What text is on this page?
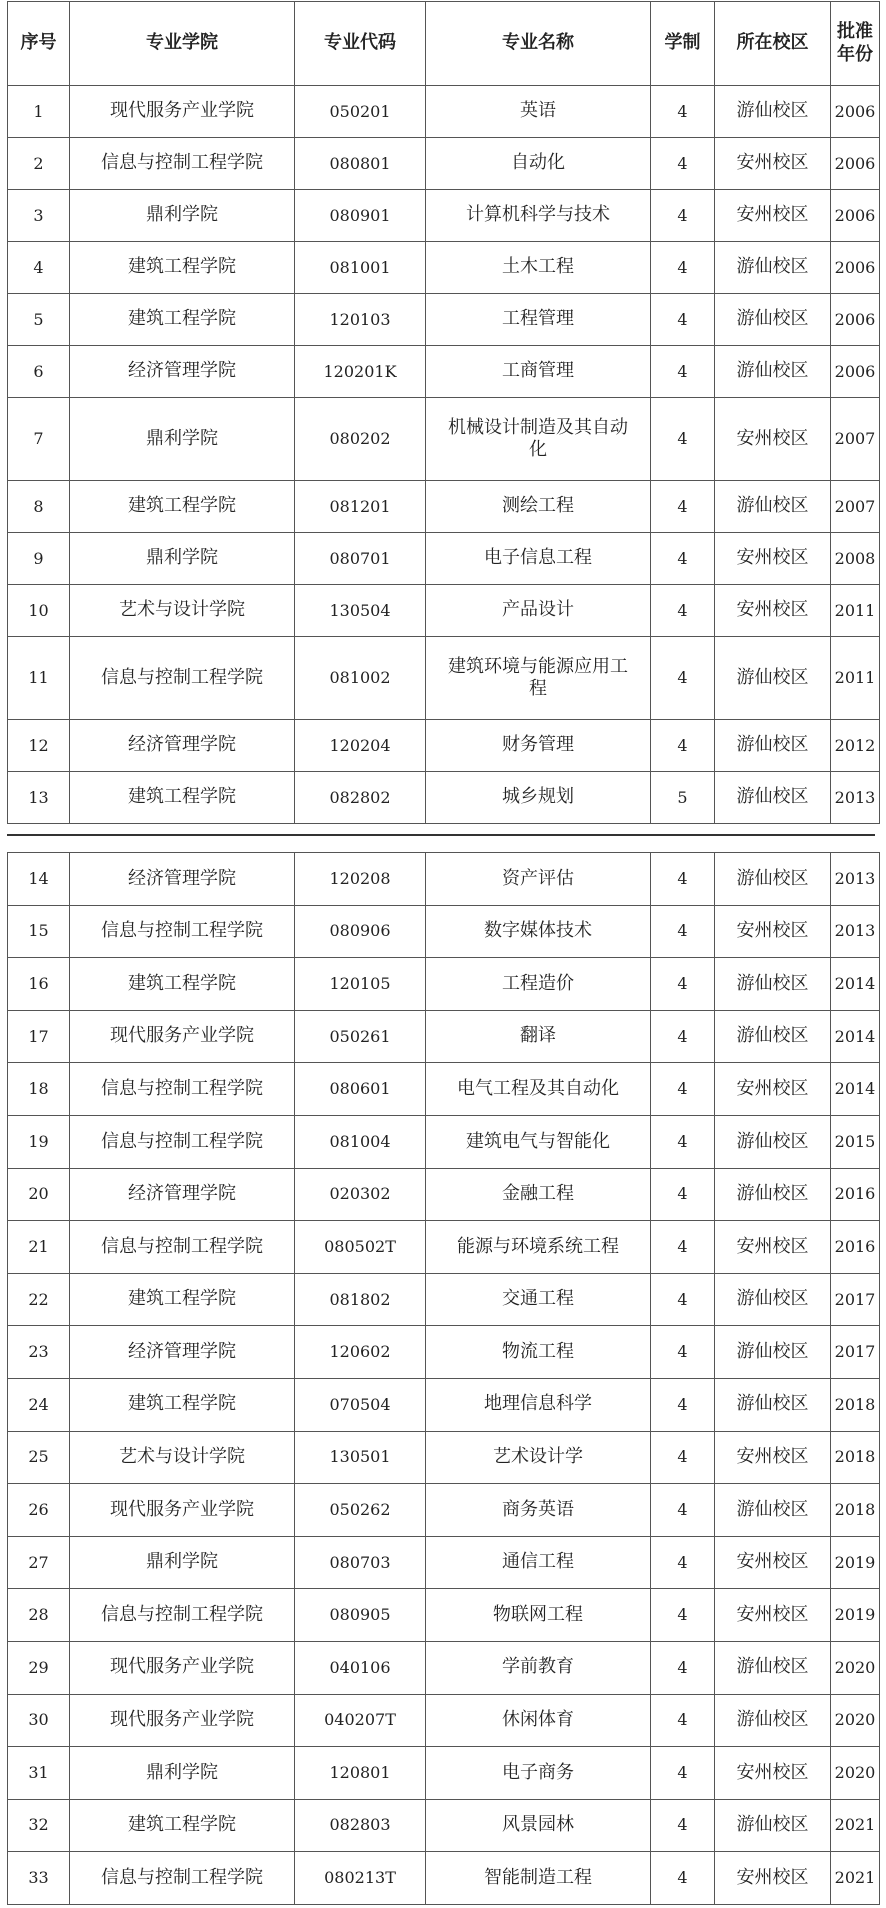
序号	专业学院	专业代码	专业名称	学制	所在校区	批准年份
1	现代服务产业学院	050201	英语	4	游仙校区	2006
2	信息与控制工程学院	080801	自动化	4	安州校区	2006
3	鼎利学院	080901	计算机科学与技术	4	安州校区	2006
4	建筑工程学院	081001	土木工程	4	游仙校区	2006
5	建筑工程学院	120103	工程管理	4	游仙校区	2006
6	经济管理学院	120201K	工商管理	4	游仙校区	2006
7	鼎利学院	080202	机械设计制造及其自动化	4	安州校区	2007
8	建筑工程学院	081201	测绘工程	4	游仙校区	2007
9	鼎利学院	080701	电子信息工程	4	安州校区	2008
10	艺术与设计学院	130504	产品设计	4	安州校区	2011
11	信息与控制工程学院	081002	建筑环境与能源应用工程	4	游仙校区	2011
12	经济管理学院	120204	财务管理	4	游仙校区	2012
13	建筑工程学院	082802	城乡规划	5	游仙校区	2013
14	经济管理学院	120208	资产评估	4	游仙校区	2013
15	信息与控制工程学院	080906	数字媒体技术	4	安州校区	2013
16	建筑工程学院	120105	工程造价	4	游仙校区	2014
17	现代服务产业学院	050261	翻译	4	游仙校区	2014
18	信息与控制工程学院	080601	电气工程及其自动化	4	安州校区	2014
19	信息与控制工程学院	081004	建筑电气与智能化	4	游仙校区	2015
20	经济管理学院	020302	金融工程	4	游仙校区	2016
21	信息与控制工程学院	080502T	能源与环境系统工程	4	安州校区	2016
22	建筑工程学院	081802	交通工程	4	游仙校区	2017
23	经济管理学院	120602	物流工程	4	游仙校区	2017
24	建筑工程学院	070504	地理信息科学	4	游仙校区	2018
25	艺术与设计学院	130501	艺术设计学	4	安州校区	2018
26	现代服务产业学院	050262	商务英语	4	游仙校区	2018
27	鼎利学院	080703	通信工程	4	安州校区	2019
28	信息与控制工程学院	080905	物联网工程	4	安州校区	2019
29	现代服务产业学院	040106	学前教育	4	游仙校区	2020
30	现代服务产业学院	040207T	休闲体育	4	游仙校区	2020
31	鼎利学院	120801	电子商务	4	安州校区	2020
32	建筑工程学院	082803	风景园林	4	游仙校区	2021
33	信息与控制工程学院	080213T	智能制造工程	4	安州校区	2021
